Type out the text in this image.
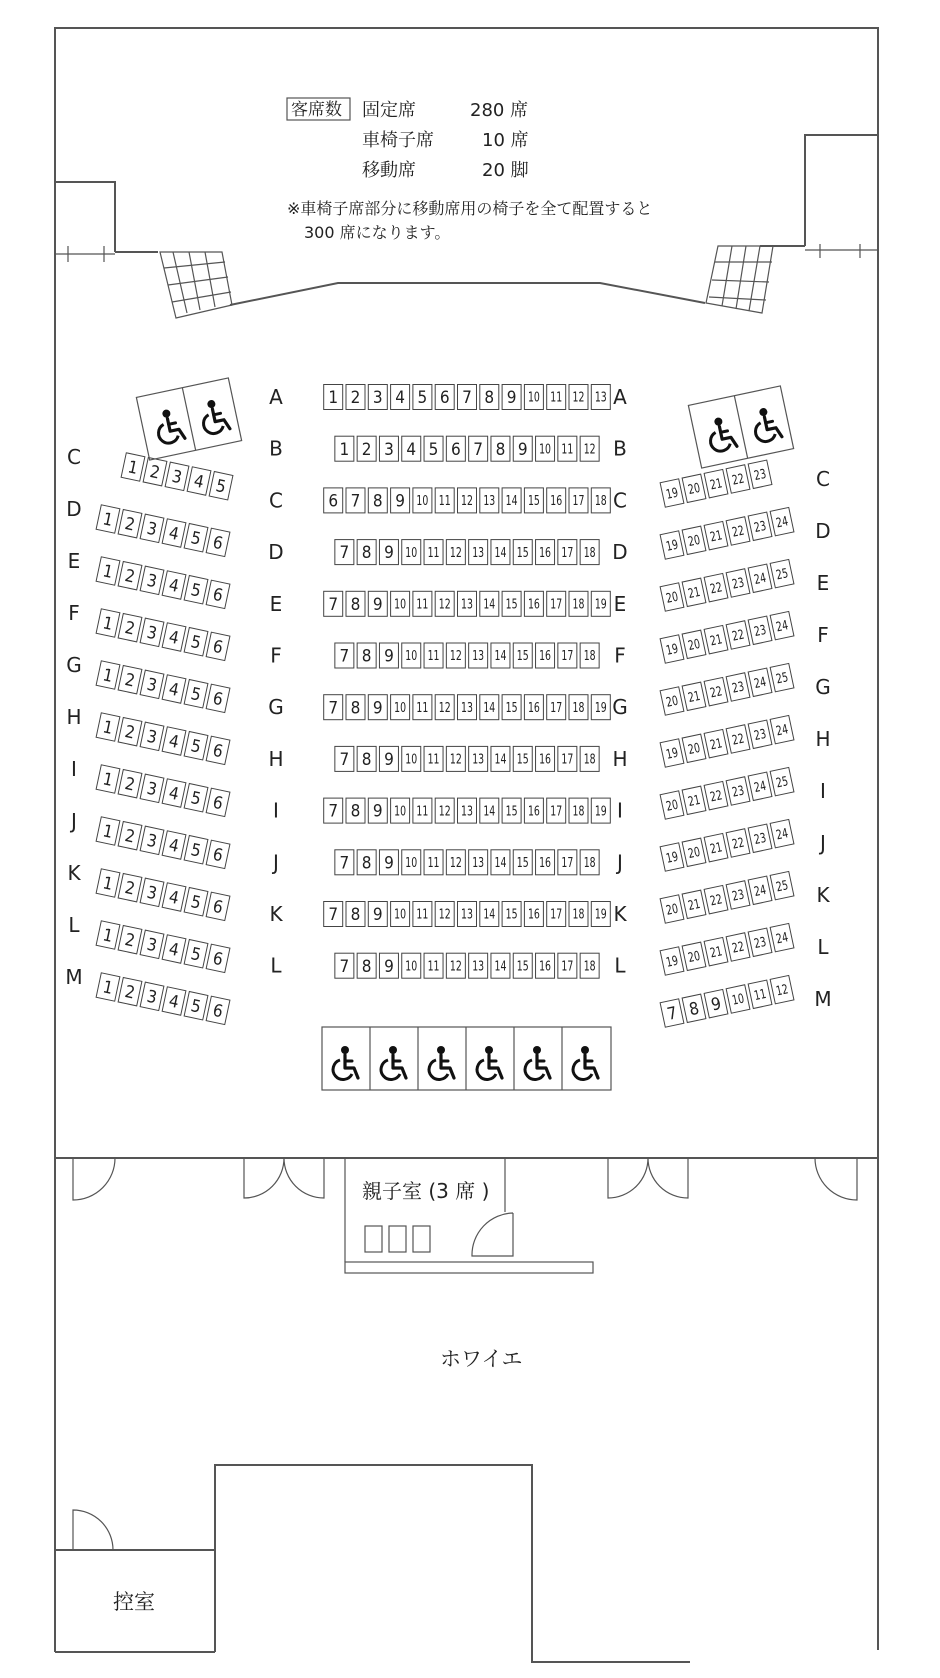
客席数 固定席	280 席
車椅子席	10 席
移動席	20 脚
※車椅子席部分に移動席用の椅子を全て配置すると
300 席になります。
A	A
1 2 3 4 5 6 7 8 9 10 11 12 13
B	B
1 2 3 4 5 6 7 8 9 10 11 12
C	C
6 7 8 9 10 11 12 13 14 15 16 17 18
D	D
7 8 9 10 11 12 13 14 15 16 17 18
E	E
7 8 9 10 11 12 13 14 15 16 17 18 19
F	F
7 8 9 10 11 12 13 14 15 16 17 18
G	G
7 8 9 10 11 12 13 14 15 16 17 18 19
H	H
7 8 9 10 11 12 13 14 15 16 17 18
I	I
7 8 9 10 11 12 13 14 15 16 17 18 19
J	J
7 8 9 10 11 12 13 14 15 16 17 18
K	K
7 8 9 10 11 12 13 14 15 16 17 18 19
L	L
7 8 9 10 11 12 13 14 15 16 17 18
1 2 3 4 5
C
1 2 3 4 5 6
D
1 2 3 4 5 6
E
1 2 3 4 5 6
F
1 2 3 4 5 6
G
1 2 3 4 5 6
H
1 2 3 4 5 6
I
1 2 3 4 5 6
J
1 2 3 4 5 6
K
1 2 3 4 5 6
L
1 2 3 4 5 6
M
19 20 21 22 23 C
19 20 21 22 23 24 D
20 21 22 23 24 25 E
19 20 21 22 23 24 F
20 21 22 23 24 25 G
19 20 21 22 23 24 H
20 21 22 23 24 25 I
19 20 21 22 23 24 J
20 21 22 23 24 25 K
19 20 21 22 23 24 L
7 8 9 10 11 12 M
親子室 (3 席 )
ホワイエ
控室
